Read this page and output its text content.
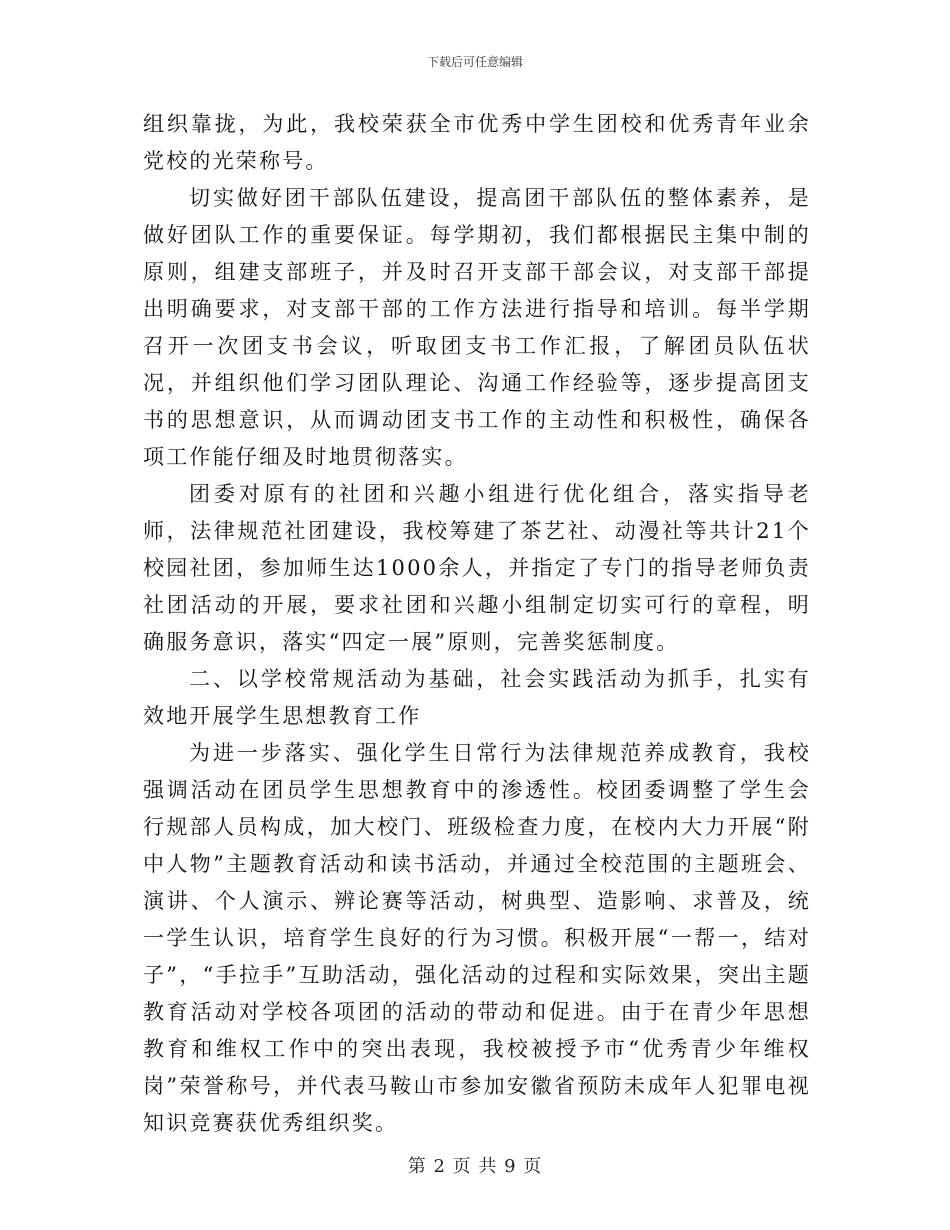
下载后可任意编辑

组织靠拢，为此，我校荣获全市优秀中学生团校和优秀青年业余党校的光荣称号。

切实做好团干部队伍建设，提高团干部队伍的整体素养，是做好团队工作的重要保证。每学期初，我们都根据民主集中制的原则，组建支部班子，并及时召开支部干部会议，对支部干部提出明确要求，对支部干部的工作方法进行指导和培训。每半学期召开一次团支书会议，听取团支书工作汇报，了解团员队伍状况，并组织他们学习团队理论、沟通工作经验等，逐步提高团支书的思想意识，从而调动团支书工作的主动性和积极性，确保各项工作能仔细及时地贯彻落实。

团委对原有的社团和兴趣小组进行优化组合，落实指导老师，法律规范社团建设，我校筹建了茶艺社、动漫社等共计21个校园社团，参加师生达1000余人，并指定了专门的指导老师负责社团活动的开展，要求社团和兴趣小组制定切实可行的章程，明确服务意识，落实“四定一展”原则，完善奖惩制度。

二、以学校常规活动为基础，社会实践活动为抓手，扎实有效地开展学生思想教育工作

为进一步落实、强化学生日常行为法律规范养成教育，我校强调活动在团员学生思想教育中的渗透性。校团委调整了学生会行规部人员构成，加大校门、班级检查力度，在校内大力开展“附中人物”主题教育活动和读书活动，并通过全校范围的主题班会、演讲、个人演示、辨论赛等活动，树典型、造影响、求普及，统一学生认识，培育学生良好的行为习惯。积极开展“一帮一，结对子”，“手拉手”互助活动，强化活动的过程和实际效果，突出主题教育活动对学校各项团的活动的带动和促进。由于在青少年思想教育和维权工作中的突出表现，我校被授予市“优秀青少年维权岗”荣誉称号，并代表马鞍山市参加安徽省预防未成年人犯罪电视知识竞赛获优秀组织奖。

第 2 页 共 9 页
